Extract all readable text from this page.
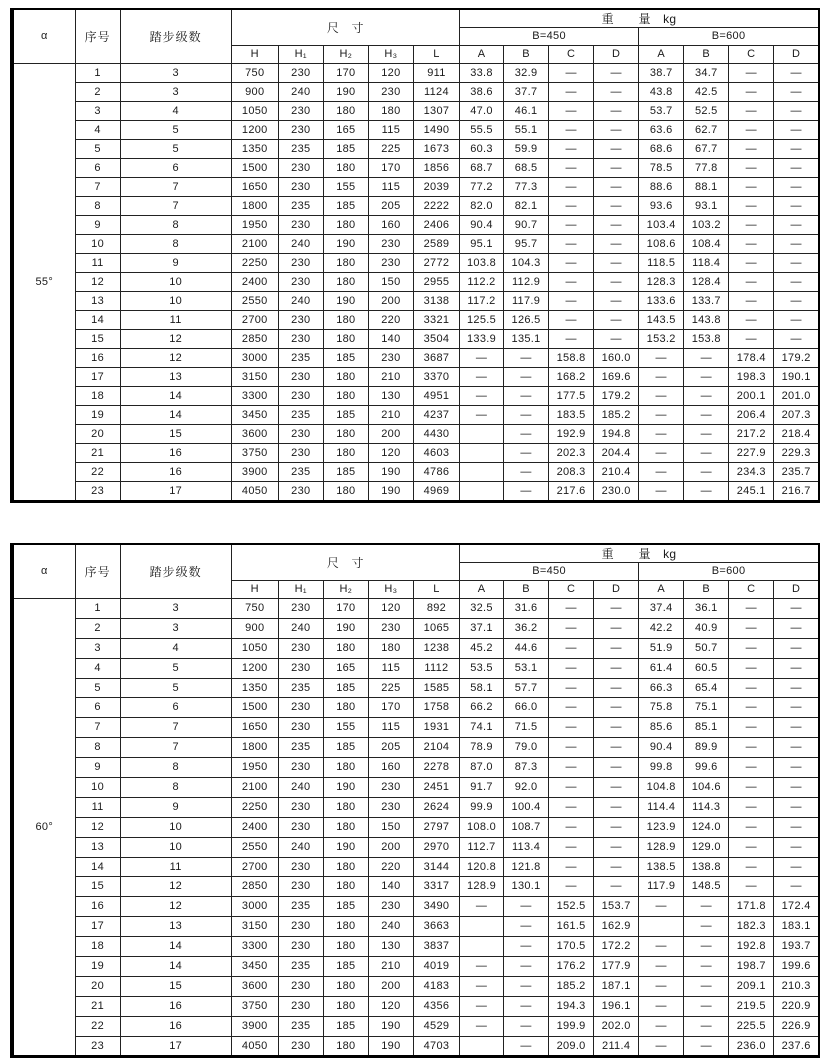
α	序号	踏步级数	尺　寸					重　　量　kg							
								B=450				B=600			
			H	H₁	H₂	H₃	L	A	B	C	D	A	B	C	D
55°	1	3	750	230	170	120	911	33.8	32.9	—	—	38.7	34.7	—	—
	2	3	900	240	190	230	1124	38.6	37.7	—	—	43.8	42.5	—	—
	3	4	1050	230	180	180	1307	47.0	46.1	—	—	53.7	52.5	—	—
	4	5	1200	230	165	115	1490	55.5	55.1	—	—	63.6	62.7	—	—
	5	5	1350	235	185	225	1673	60.3	59.9	—	—	68.6	67.7	—	—
	6	6	1500	230	180	170	1856	68.7	68.5	—	—	78.5	77.8	—	—
	7	7	1650	230	155	115	2039	77.2	77.3	—	—	88.6	88.1	—	—
	8	7	1800	235	185	205	2222	82.0	82.1	—	—	93.6	93.1	—	—
	9	8	1950	230	180	160	2406	90.4	90.7	—	—	103.4	103.2	—	—
	10	8	2100	240	190	230	2589	95.1	95.7	—	—	108.6	108.4	—	—
	11	9	2250	230	180	230	2772	103.8	104.3	—	—	118.5	118.4	—	—
	12	10	2400	230	180	150	2955	112.2	112.9	—	—	128.3	128.4	—	—
	13	10	2550	240	190	200	3138	117.2	117.9	—	—	133.6	133.7	—	—
	14	11	2700	230	180	220	3321	125.5	126.5	—	—	143.5	143.8	—	—
	15	12	2850	230	180	140	3504	133.9	135.1	—	—	153.2	153.8	—	—
	16	12	3000	235	185	230	3687	—	—	158.8	160.0	—	—	178.4	179.2
	17	13	3150	230	180	210	3370	—	—	168.2	169.6	—	—	198.3	190.1
	18	14	3300	230	180	130	4951	—	—	177.5	179.2	—	—	200.1	201.0
	19	14	3450	235	185	210	4237	—	—	183.5	185.2	—	—	206.4	207.3
	20	15	3600	230	180	200	4430		—	192.9	194.8	—	—	217.2	218.4
	21	16	3750	230	180	120	4603		—	202.3	204.4	—	—	227.9	229.3
	22	16	3900	235	185	190	4786		—	208.3	210.4	—	—	234.3	235.7
	23	17	4050	230	180	190	4969		—	217.6	230.0	—	—	245.1	216.7
α	序号	踏步级数	尺　寸					重　　量　kg							
								B=450				B=600			
			H	H₁	H₂	H₃	L	A	B	C	D	A	B	C	D
60°	1	3	750	230	170	120	892	32.5	31.6	—	—	37.4	36.1	—	—
	2	3	900	240	190	230	1065	37.1	36.2	—	—	42.2	40.9	—	—
	3	4	1050	230	180	180	1238	45.2	44.6	—	—	51.9	50.7	—	—
	4	5	1200	230	165	115	1112	53.5	53.1	—	—	61.4	60.5	—	—
	5	5	1350	235	185	225	1585	58.1	57.7	—	—	66.3	65.4	—	—
	6	6	1500	230	180	170	1758	66.2	66.0	—	—	75.8	75.1	—	—
	7	7	1650	230	155	115	1931	74.1	71.5	—	—	85.6	85.1	—	—
	8	7	1800	235	185	205	2104	78.9	79.0	—	—	90.4	89.9	—	—
	9	8	1950	230	180	160	2278	87.0	87.3	—	—	99.8	99.6	—	—
	10	8	2100	240	190	230	2451	91.7	92.0	—	—	104.8	104.6	—	—
	11	9	2250	230	180	230	2624	99.9	100.4	—	—	114.4	114.3	—	—
	12	10	2400	230	180	150	2797	108.0	108.7	—	—	123.9	124.0	—	—
	13	10	2550	240	190	200	2970	112.7	113.4	—	—	128.9	129.0	—	—
	14	11	2700	230	180	220	3144	120.8	121.8	—	—	138.5	138.8	—	—
	15	12	2850	230	180	140	3317	128.9	130.1	—	—	117.9	148.5	—	—
	16	12	3000	235	185	230	3490	—	—	152.5	153.7	—	—	171.8	172.4
	17	13	3150	230	180	240	3663		—	161.5	162.9		—	182.3	183.1
	18	14	3300	230	180	130	3837		—	170.5	172.2	—	—	192.8	193.7
	19	14	3450	235	185	210	4019	—	—	176.2	177.9	—	—	198.7	199.6
	20	15	3600	230	180	200	4183	—	—	185.2	187.1	—	—	209.1	210.3
	21	16	3750	230	180	120	4356	—	—	194.3	196.1	—	—	219.5	220.9
	22	16	3900	235	185	190	4529	—	—	199.9	202.0	—	—	225.5	226.9
	23	17	4050	230	180	190	4703		—	209.0	211.4	—	—	236.0	237.6
